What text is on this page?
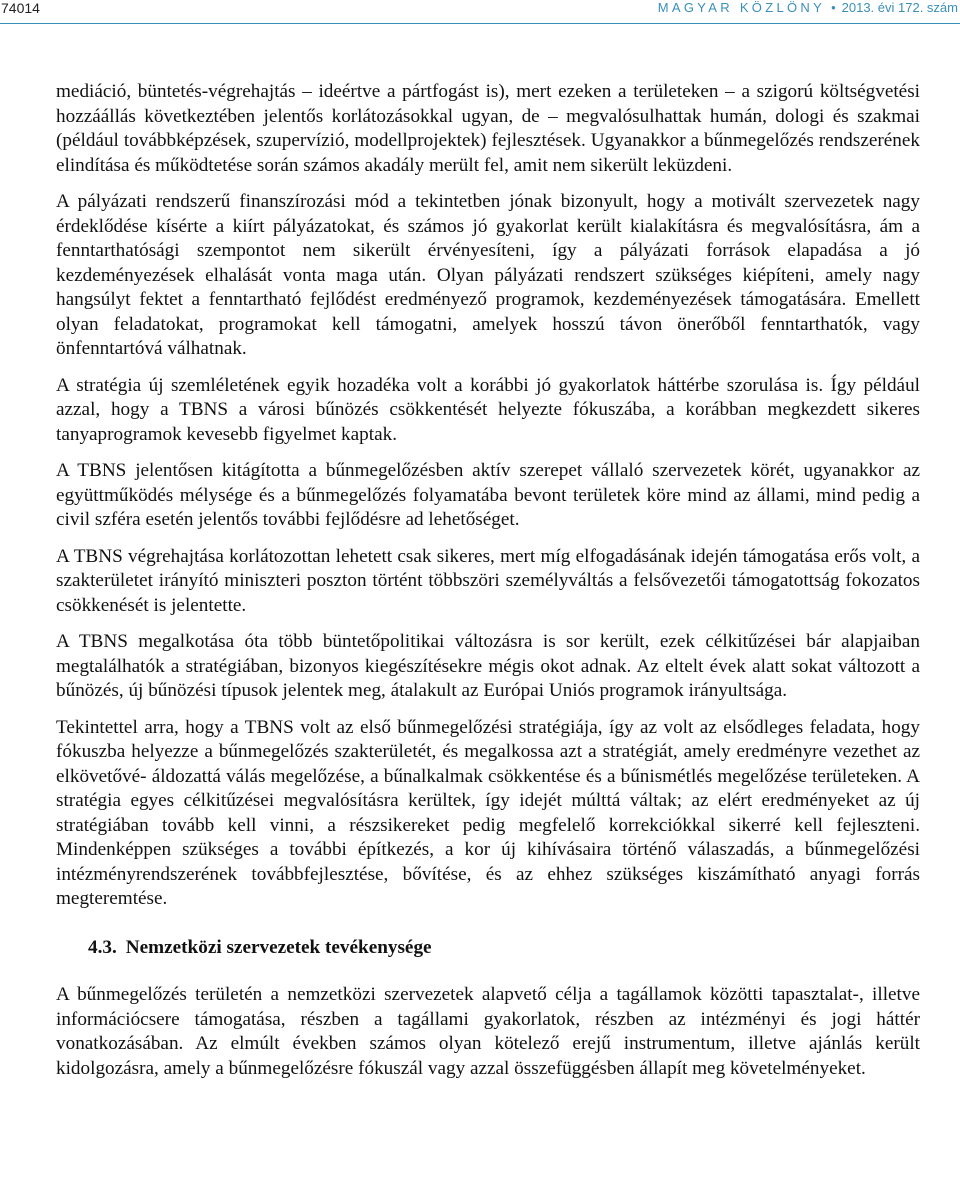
74014	MAGYAR KÖZLÖNY • 2013. évi 172. szám

mediáció, büntetés-végrehajtás – ideértve a pártfogást is), mert ezeken a területeken – a szigorú költségvetési hozzáállás következtében jelentős korlátozásokkal ugyan, de – megvalósulhattak humán, dologi és szakmai (például továbbképzések, szupervízió, modellprojektek) fejlesztések. Ugyanakkor a bűnmegelőzés rendszerének elindítása és működtetése során számos akadály merült fel, amit nem sikerült leküzdeni.

A pályázati rendszerű finanszírozási mód a tekintetben jónak bizonyult, hogy a motivált szervezetek nagy érdeklődése kísérte a kiírt pályázatokat, és számos jó gyakorlat került kialakításra és megvalósításra, ám a fenntarthatósági szempontot nem sikerült érvényesíteni, így a pályázati források elapadása a jó kezdeményezések elhalását vonta maga után. Olyan pályázati rendszert szükséges kiépíteni, amely nagy hangsúlyt fektet a fenntartható fejlődést eredményező programok, kezdeményezések támogatására. Emellett olyan feladatokat, programokat kell támogatni, amelyek hosszú távon önerőből fenntarthatók, vagy önfenntartóvá válhatnak.

A stratégia új szemléletének egyik hozadéka volt a korábbi jó gyakorlatok háttérbe szorulása is. Így például azzal, hogy a TBNS a városi bűnözés csökkentését helyezte fókuszába, a korábban megkezdett sikeres tanyaprogramok kevesebb figyelmet kaptak.

A TBNS jelentősen kitágította a bűnmegelőzésben aktív szerepet vállaló szervezetek körét, ugyanakkor az együttműködés mélysége és a bűnmegelőzés folyamatába bevont területek köre mind az állami, mind pedig a civil szféra esetén jelentős további fejlődésre ad lehetőséget.

A TBNS végrehajtása korlátozottan lehetett csak sikeres, mert míg elfogadásának idején támogatása erős volt, a szakterületet irányító miniszteri poszton történt többszöri személyváltás a felsővezetői támogatottság fokozatos csökkenését is jelentette.

A TBNS megalkotása óta több büntetőpolitikai változásra is sor került, ezek célkitűzései bár alapjaiban megtalálhatók a stratégiában, bizonyos kiegészítésekre mégis okot adnak. Az eltelt évek alatt sokat változott a bűnözés, új bűnözési típusok jelentek meg, átalakult az Európai Uniós programok irányultsága.

Tekintettel arra, hogy a TBNS volt az első bűnmegelőzési stratégiája, így az volt az elsődleges feladata, hogy fókuszba helyezze a bűnmegelőzés szakterületét, és megalkossa azt a stratégiát, amely eredményre vezethet az elkövetővé- áldozattá válás megelőzése, a bűnalkalmak csökkentése és a bűnismétlés megelőzése területeken. A stratégia egyes célkitűzései megvalósításra kerültek, így idejét múlttá váltak; az elért eredményeket az új stratégiában tovább kell vinni, a részsikereket pedig megfelelő korrekciókkal sikerré kell fejleszteni. Mindenképpen szükséges a további építkezés, a kor új kihívásaira történő válaszadás, a bűnmegelőzési intézményrendszerének továbbfejlesztése, bővítése, és az ehhez szükséges kiszámítható anyagi forrás megteremtése.

4.3. Nemzetközi szervezetek tevékenysége

A bűnmegelőzés területén a nemzetközi szervezetek alapvető célja a tagállamok közötti tapasztalat-, illetve információcsere támogatása, részben a tagállami gyakorlatok, részben az intézményi és jogi háttér vonatkozásában. Az elmúlt években számos olyan kötelező erejű instrumentum, illetve ajánlás került kidolgozásra, amely a bűnmegelőzésre fókuszál vagy azzal összefüggésben állapít meg követelményeket.
